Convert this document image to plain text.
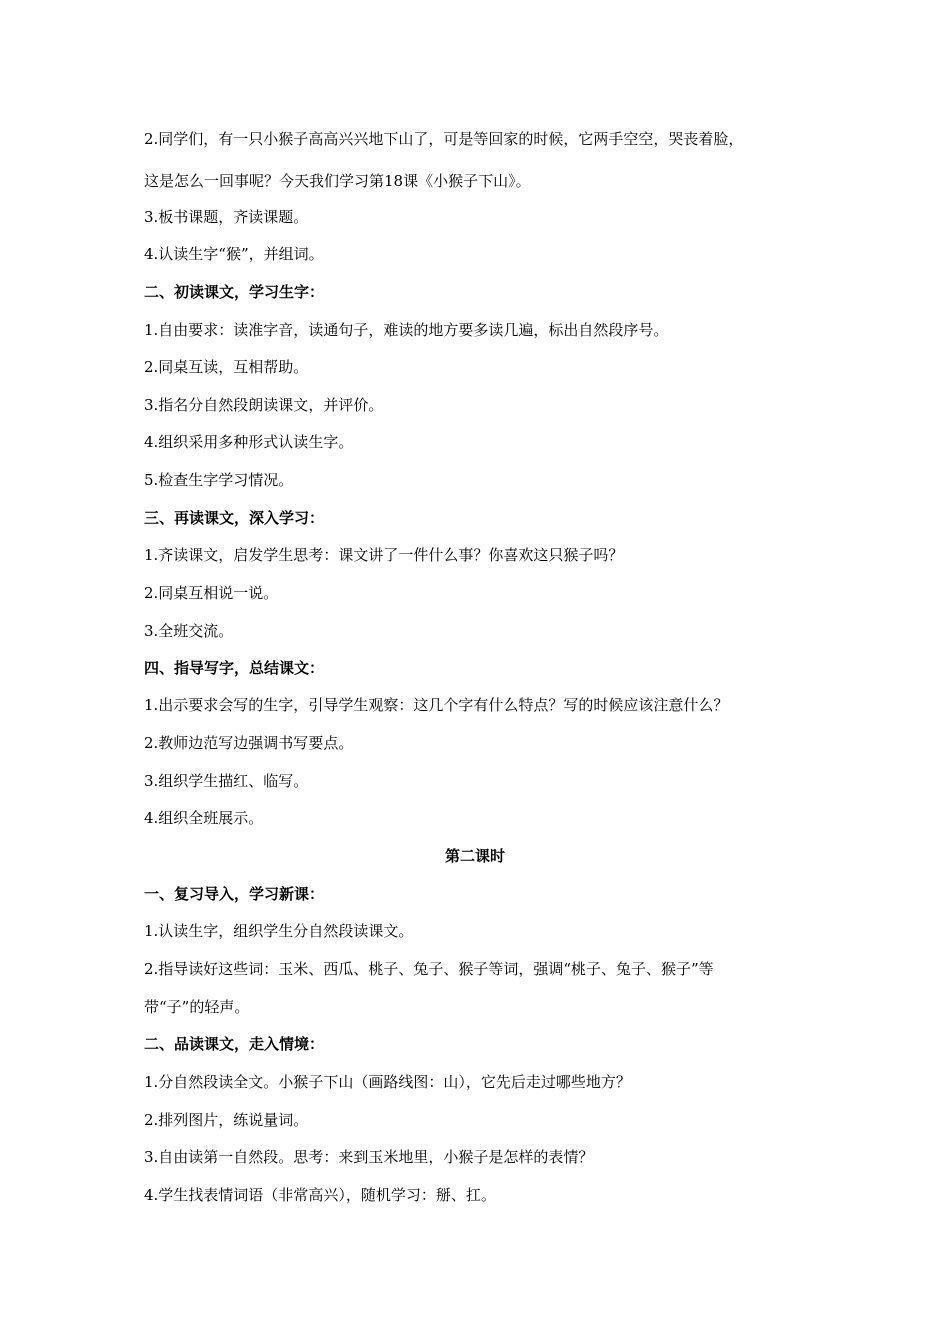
2.同学们，有一只小猴子高高兴兴地下山了，可是等回家的时候，它两手空空，哭丧着脸，
这是怎么一回事呢？今天我们学习第18课《小猴子下山》。
3.板书课题，齐读课题。
4.认读生字“猴”，并组词。
二、初读课文，学习生字：
1.自由要求：读准字音，读通句子，难读的地方要多读几遍，标出自然段序号。
2.同桌互读，互相帮助。
3.指名分自然段朗读课文，并评价。
4.组织采用多种形式认读生字。
5.检查生字学习情况。
三、再读课文，深入学习：
1.齐读课文，启发学生思考：课文讲了一件什么事？你喜欢这只猴子吗？
2.同桌互相说一说。
3.全班交流。
四、指导写字，总结课文：
1.出示要求会写的生字，引导学生观察：这几个字有什么特点？写的时候应该注意什么？
2.教师边范写边强调书写要点。
3.组织学生描红、临写。
4.组织全班展示。
第二课时
一、复习导入，学习新课：
1.认读生字，组织学生分自然段读课文。
2.指导读好这些词：玉米、西瓜、桃子、兔子、猴子等词，强调“桃子、兔子、猴子”等
带“子”的轻声。
二、品读课文，走入情境：
1.分自然段读全文。小猴子下山（画路线图：山），它先后走过哪些地方？
2.排列图片，练说量词。
3.自由读第一自然段。思考：来到玉米地里，小猴子是怎样的表情？
4.学生找表情词语（非常高兴），随机学习：掰、扛。
